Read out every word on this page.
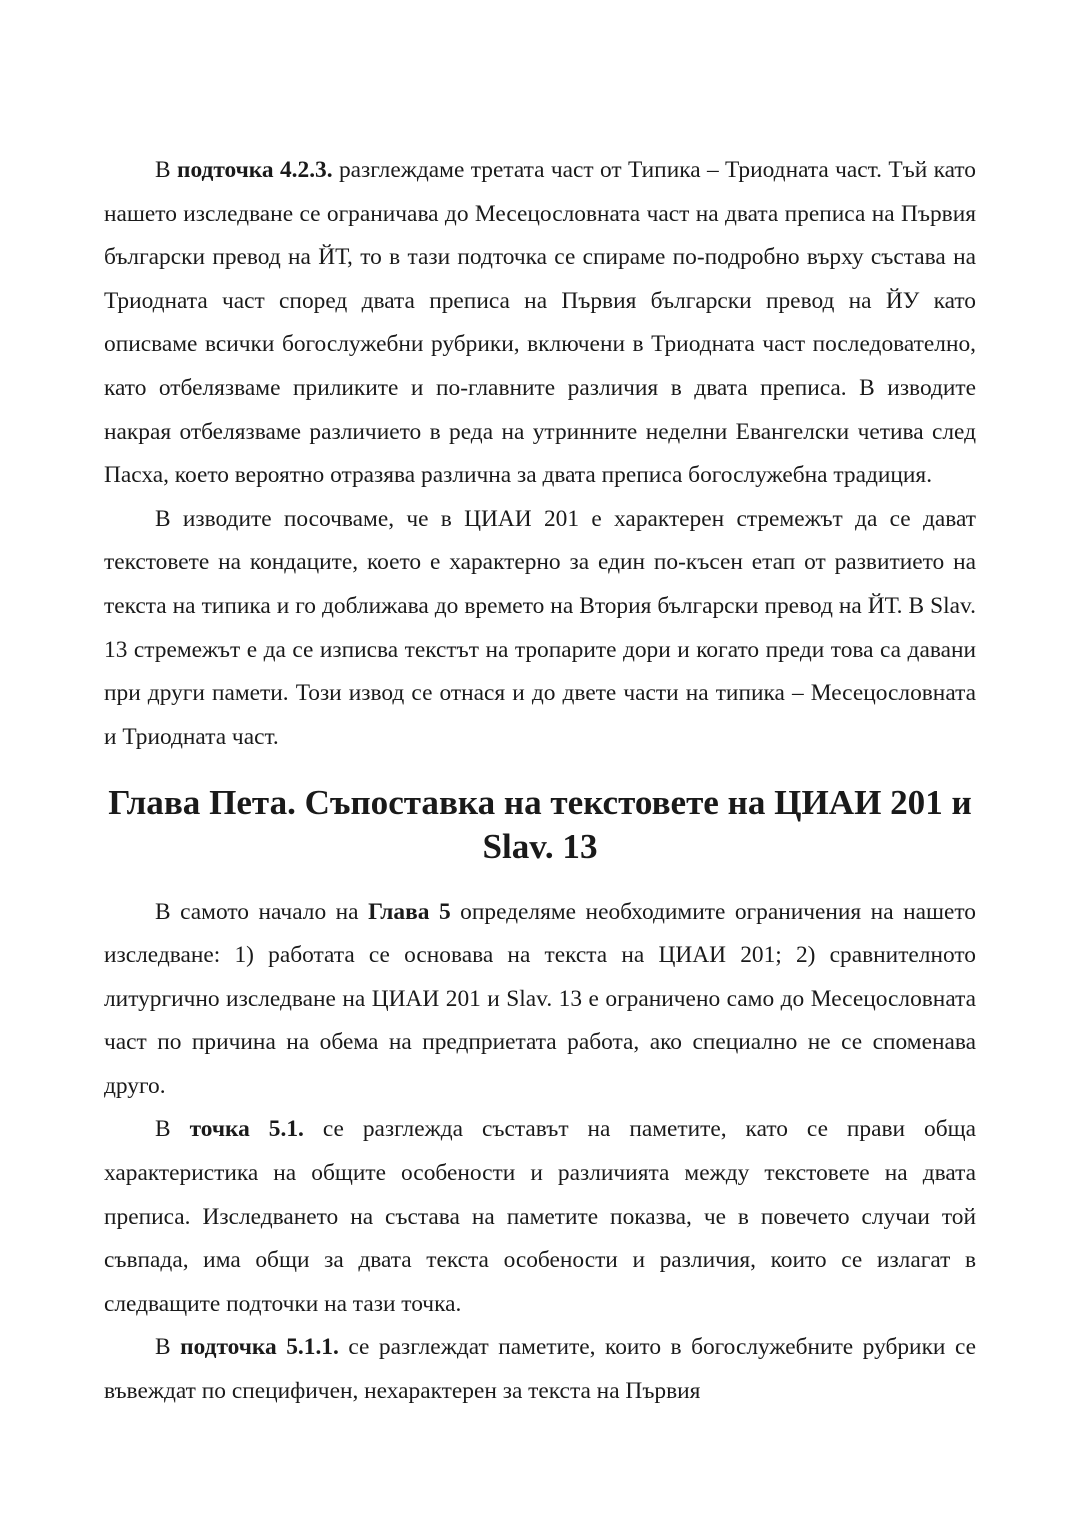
В подточка 4.2.3. разглеждаме третата част от Типика – Триодната част. Тъй като нашето изследване се ограничава до Месецословната част на двата преписа на Първия български превод на ЙТ, то в тази подточка се спираме по-подробно върху състава на Триодната част според двата преписа на Първия български превод на ЙУ като описваме всички богослужебни рубрики, включени в Триодната част последователно, като отбелязваме приликите и по-главните различия в двата преписа. В изводите накрая отбелязваме различието в реда на утринните неделни Евангелски четива след Пасха, което вероятно отразява различна за двата преписа богослужебна традиция.

В изводите посочваме, че в ЦИАИ 201 е характерен стремежът да се дават текстовете на кондаците, което е характерно за един по-късен етап от развитието на текста на типика и го доближава до времето на Втория български превод на ЙТ. В Slav. 13 стремежът е да се изписва текстът на тропарите дори и когато преди това са давани при други памети. Този извод се отнася и до двете части на типика – Месецословната и Триодната част.

Глава Пета. Съпоставка на текстовете на ЦИАИ 201 и Slav. 13

В самото начало на Глава 5 определяме необходимите ограничения на нашето изследване: 1) работата се основава на текста на ЦИАИ 201; 2) сравнителното литургично изследване на ЦИАИ 201 и Slav. 13 е ограничено само до Месецословната част по причина на обема на предприетата работа, ако специално не се споменава друго.

В точка 5.1. се разглежда съставът на паметите, като се прави обща характеристика на общите особености и различията между текстовете на двата преписа. Изследването на състава на паметите показва, че в повечето случаи той съвпада, има общи за двата текста особености и различия, които се излагат в следващите подточки на тази точка.

В подточка 5.1.1. се разглеждат паметите, които в богослужебните рубрики се въвеждат по специфичен, нехарактерен за текста на Първия
